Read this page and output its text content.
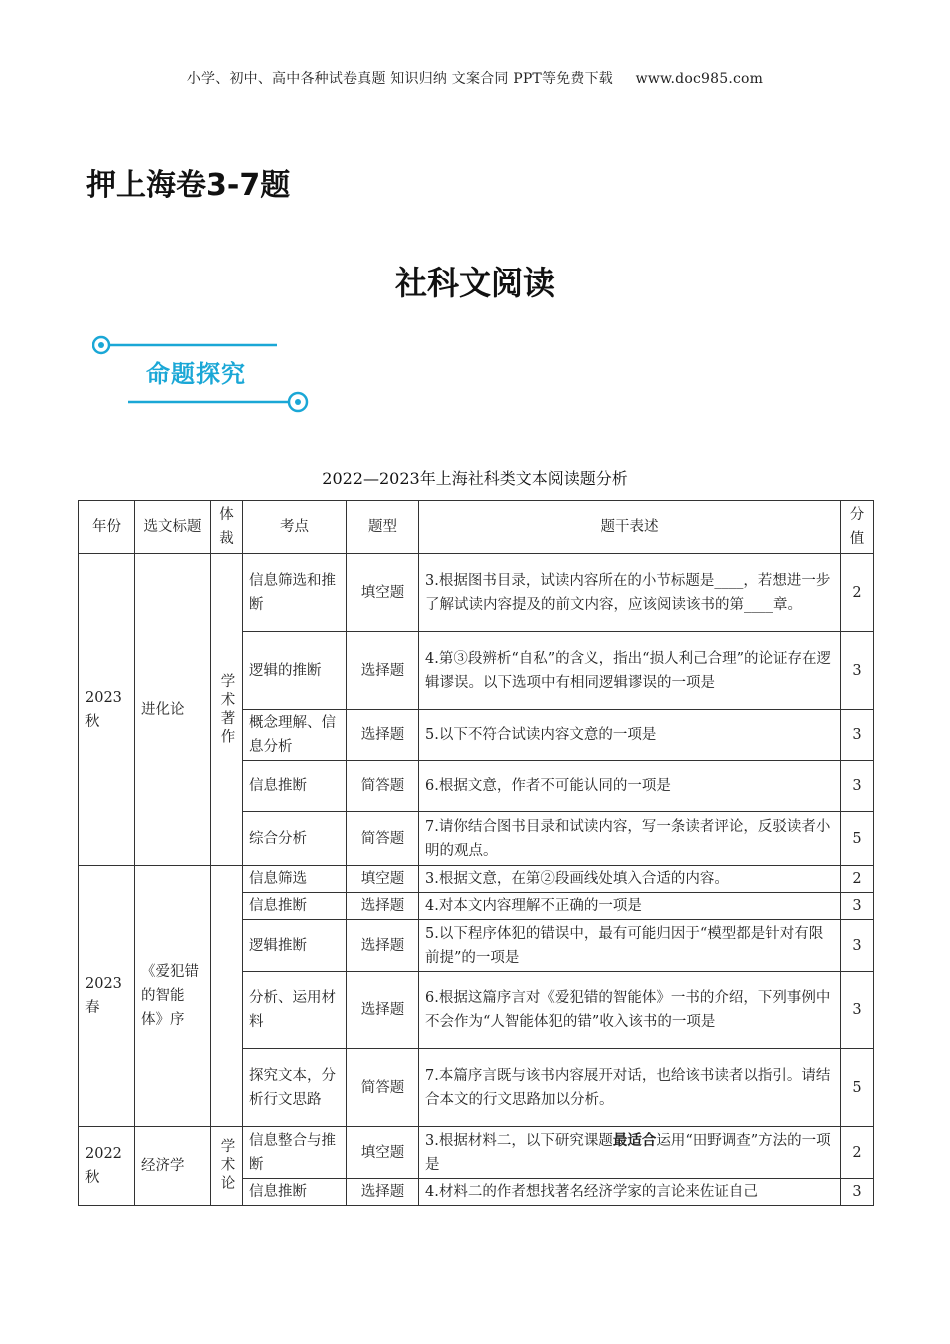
小学、初中、高中各种试卷真题 知识归纳 文案合同 PPT等免费下载 www.doc985.com
押上海卷3-7题
社科文阅读
命题探究
2022—2023年上海社科类文本阅读题分析
年份	选文标题	体裁	考点	题型	题干表述	分值
2023秋	进化论	学术著作	信息筛选和推断	填空题	3.根据图书目录，试读内容所在的小节标题是____，若想进一步了解试读内容提及的前文内容，应该阅读该书的第____章。	2
			逻辑的推断	选择题	4.第③段辨析“自私”的含义，指出“损人利己合理”的论证存在逻辑谬误。以下选项中有相同逻辑谬误的一项是	3
			概念理解、信息分析	选择题	5.以下不符合试读内容文意的一项是	3
			信息推断	简答题	6.根据文意，作者不可能认同的一项是	3
			综合分析	简答题	7.请你结合图书目录和试读内容，写一条读者评论，反驳读者小明的观点。	5
2023春	《爱犯错的智能体》序		信息筛选	填空题	3.根据文意，在第②段画线处填入合适的内容。	2
			信息推断	选择题	4.对本文内容理解不正确的一项是	3
			逻辑推断	选择题	5.以下程序体犯的错误中，最有可能归因于“模型都是针对有限前提”的一项是	3
			分析、运用材料	选择题	6.根据这篇序言对《爱犯错的智能体》一书的介绍，下列事例中不会作为“人智能体犯的错”收入该书的一项是	3
			探究文本，分析行文思路	简答题	7.本篇序言既与该书内容展开对话，也给该书读者以指引。请结合本文的行文思路加以分析。	5
2022秋	经济学	学术论	信息整合与推断	填空题	3.根据材料二，以下研究课题最适合运用“田野调查”方法的一项是	2
			信息推断	选择题	4.材料二的作者想找著名经济学家的言论来佐证自己	3
